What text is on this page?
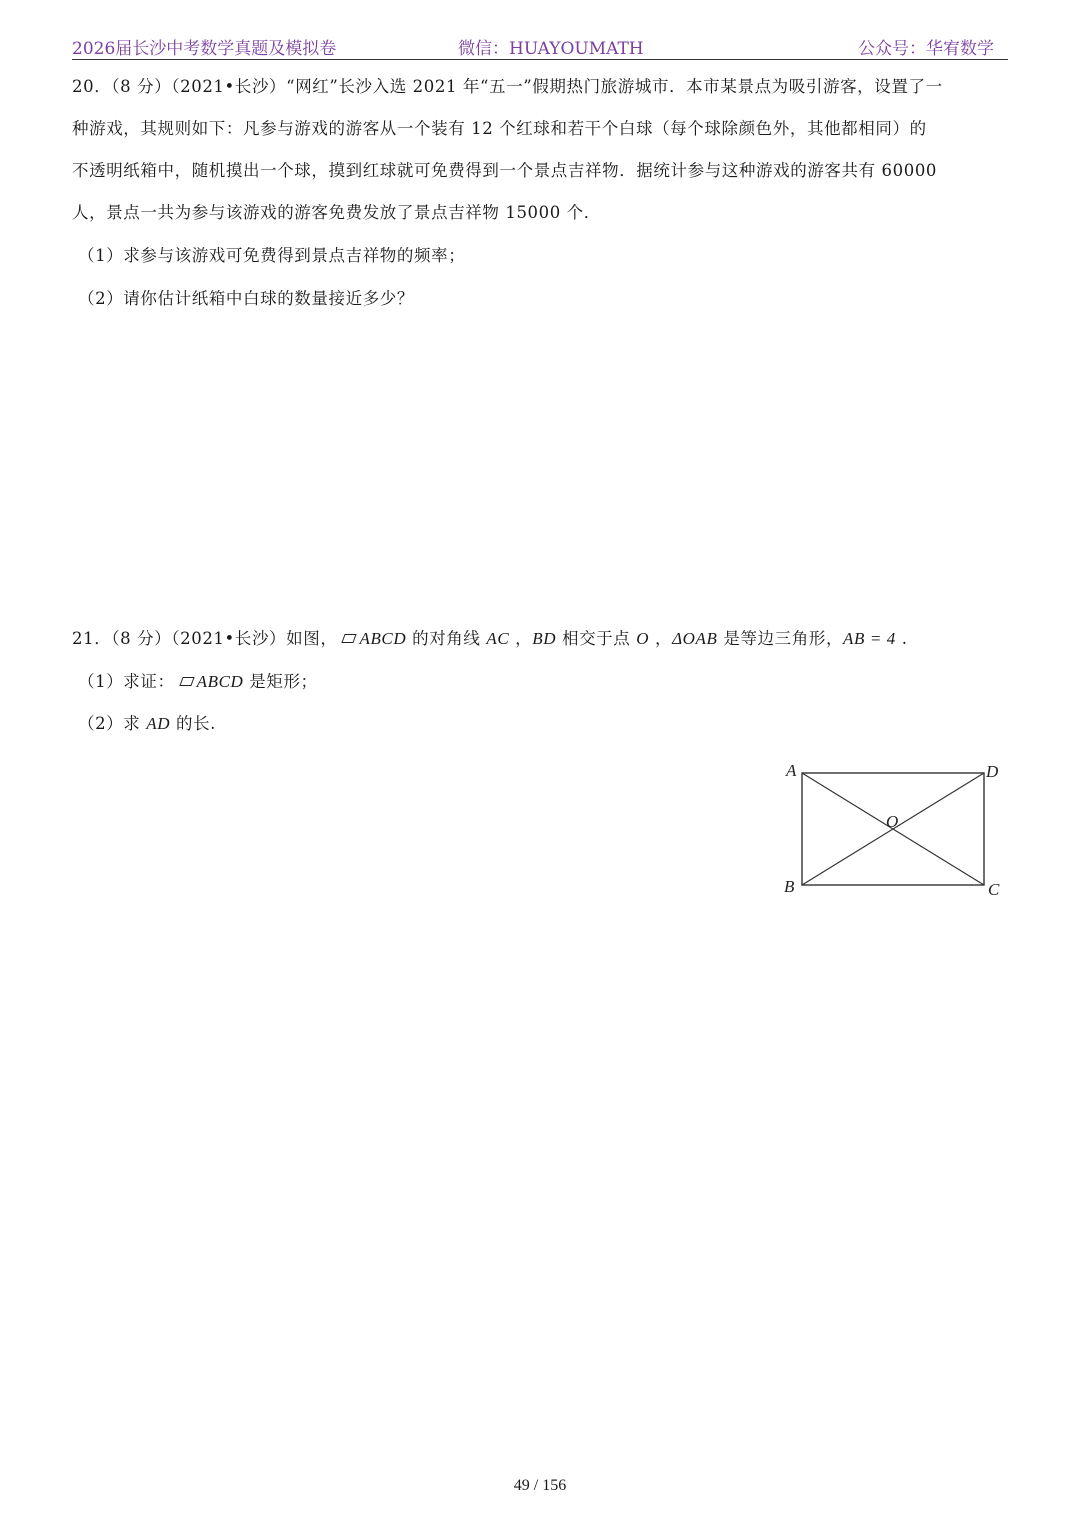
2026届长沙中考数学真题及模拟卷	微信：HUAYOUMATH	公众号：华宥数学
20．（8 分）（2021•长沙）“网红”长沙入选 2021 年“五一”假期热门旅游城市．本市某景点为吸引游客，设置了一
种游戏，其规则如下：凡参与游戏的游客从一个装有 12 个红球和若干个白球（每个球除颜色外，其他都相同）的
不透明纸箱中，随机摸出一个球，摸到红球就可免费得到一个景点吉祥物．据统计参与这种游戏的游客共有 60000
人，景点一共为参与该游戏的游客免费发放了景点吉祥物 15000 个．
（1）求参与该游戏可免费得到景点吉祥物的频率；
（2）请你估计纸箱中白球的数量接近多少？
21．（8 分）（2021•长沙）如图， ABCD 的对角线 AC ，BD 相交于点 O ，ΔOAB 是等边三角形，AB = 4 .
（1）求证： ABCD 是矩形；
（2）求 AD 的长.
A	D
O
B	C
49 / 156
